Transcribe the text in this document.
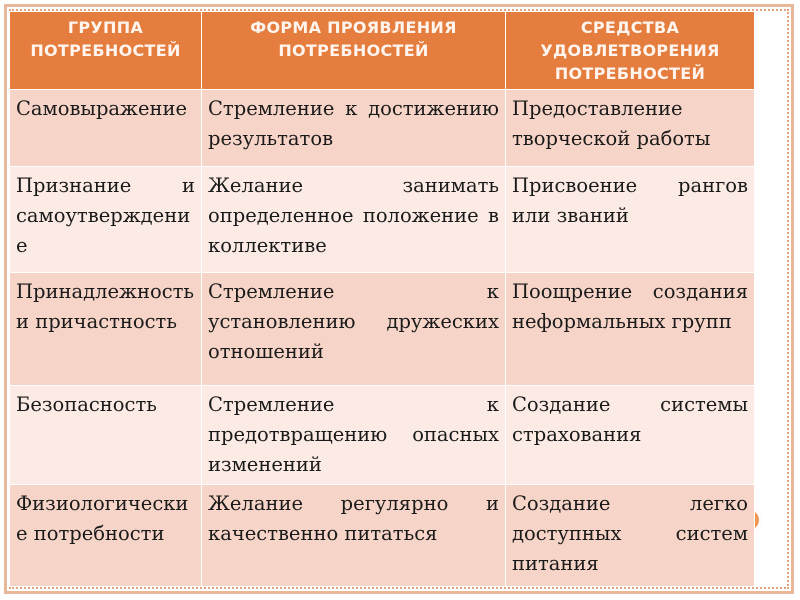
ГРУППА ПОТРЕБНОСТЕЙ	ФОРМА ПРОЯВЛЕНИЯ ПОТРЕБНОСТЕЙ	СРЕДСТВА УДОВЛЕТВОРЕНИЯ ПОТРЕБНОСТЕЙ
Самовыражение	Стремление к достижению результатов	Предоставление творческой работы
Признание и самоутверждение	Желание занимать определенное положение в коллективе	Присвоение рангов или званий
Принадлежность и причастность	Стремление к установлению дружеских отношений	Поощрение создания неформальных групп
Безопасность	Стремление к предотвращению опасных изменений	Создание системы страхования
Физиологические потребности	Желание регулярно и качественно питаться	Создание легко доступных систем питания
